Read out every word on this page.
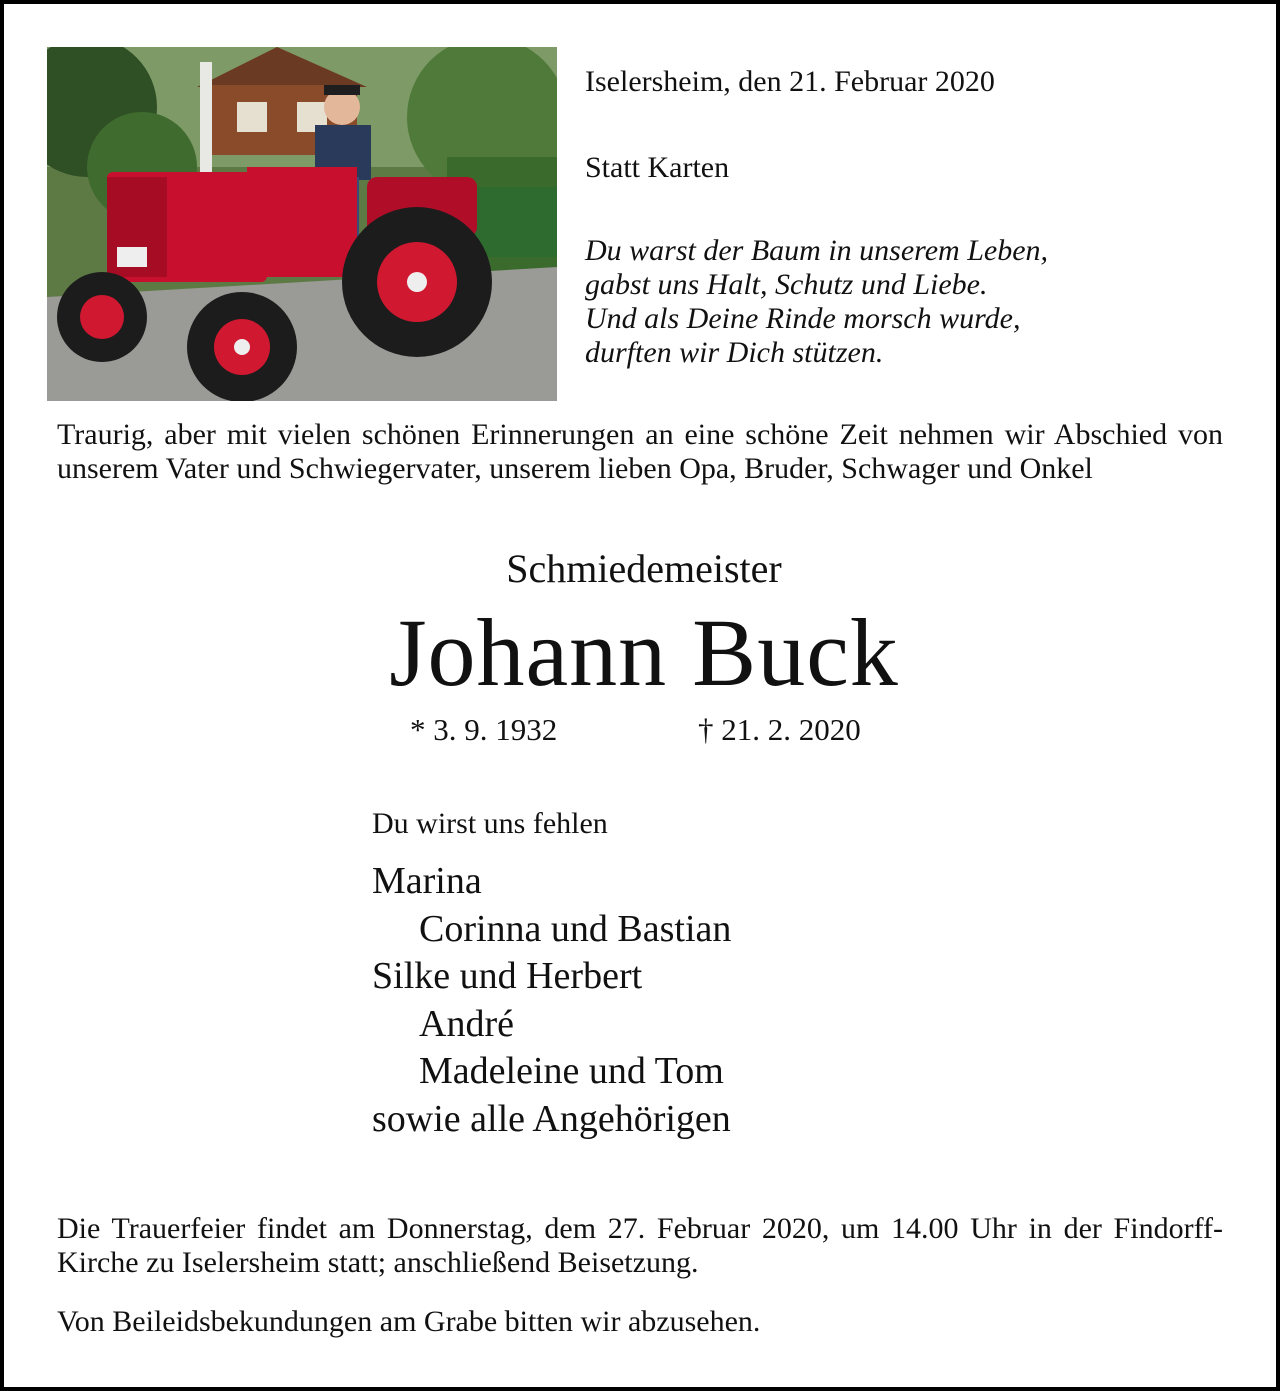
Iselersheim, den 21. Februar 2020
Statt Karten
Du warst der Baum in unserem Leben,
gabst uns Halt, Schutz und Liebe.
Und als Deine Rinde morsch wurde,
durften wir Dich stützen.
Traurig, aber mit vielen schönen Erinnerungen an eine schöne Zeit nehmen wir Abschied von unserem Vater und Schwiegervater, unserem lieben Opa, Bruder, Schwager und Onkel
Schmiedemeister
Johann Buck
* 3. 9. 1932	† 21. 2. 2020
Du wirst uns fehlen
Marina
Corinna und Bastian
Silke und Herbert
André
Madeleine und Tom
sowie alle Angehörigen
Die Trauerfeier findet am Donnerstag, dem 27. Februar 2020, um 14.00 Uhr in der Findorff-Kirche zu Iselersheim statt; anschließend Beisetzung.
Von Beileidsbekundungen am Grabe bitten wir abzusehen.
